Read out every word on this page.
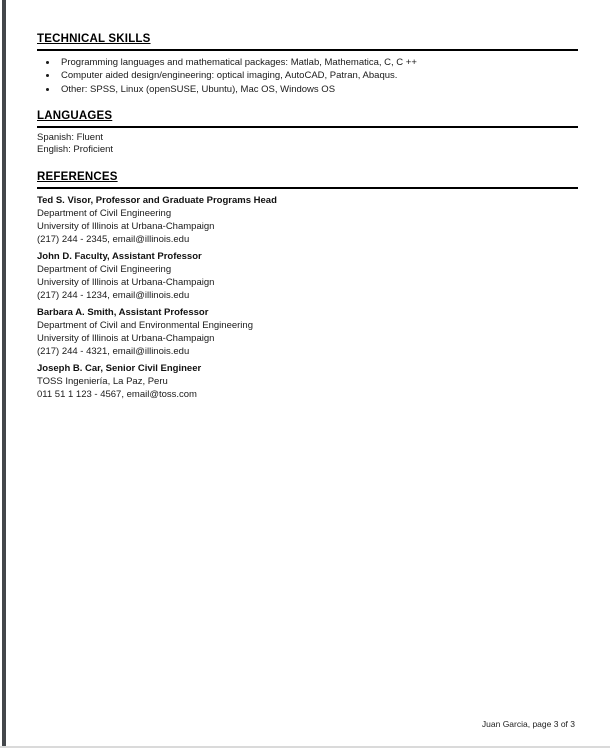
TECHNICAL SKILLS
• Programming languages and mathematical packages: Matlab, Mathematica, C, C ++
• Computer aided design/engineering: optical imaging, AutoCAD, Patran, Abaqus.
• Other: SPSS, Linux (openSUSE, Ubuntu), Mac OS, Windows OS
LANGUAGES
Spanish: Fluent
English: Proficient
REFERENCES
Ted S. Visor, Professor and Graduate Programs Head
Department of Civil Engineering
University of Illinois at Urbana-Champaign
(217) 244 - 2345, email@illinois.edu
John D. Faculty, Assistant Professor
Department of Civil Engineering
University of Illinois at Urbana-Champaign
(217) 244 - 1234, email@illinois.edu
Barbara A. Smith, Assistant Professor
Department of Civil and Environmental Engineering
University of Illinois at Urbana-Champaign
(217) 244 - 4321, email@illinois.edu
Joseph B. Car, Senior Civil Engineer
TOSS Ingeniería, La Paz, Peru
011 51 1 123 - 4567, email@toss.com
Juan Garcia, page 3 of 3
